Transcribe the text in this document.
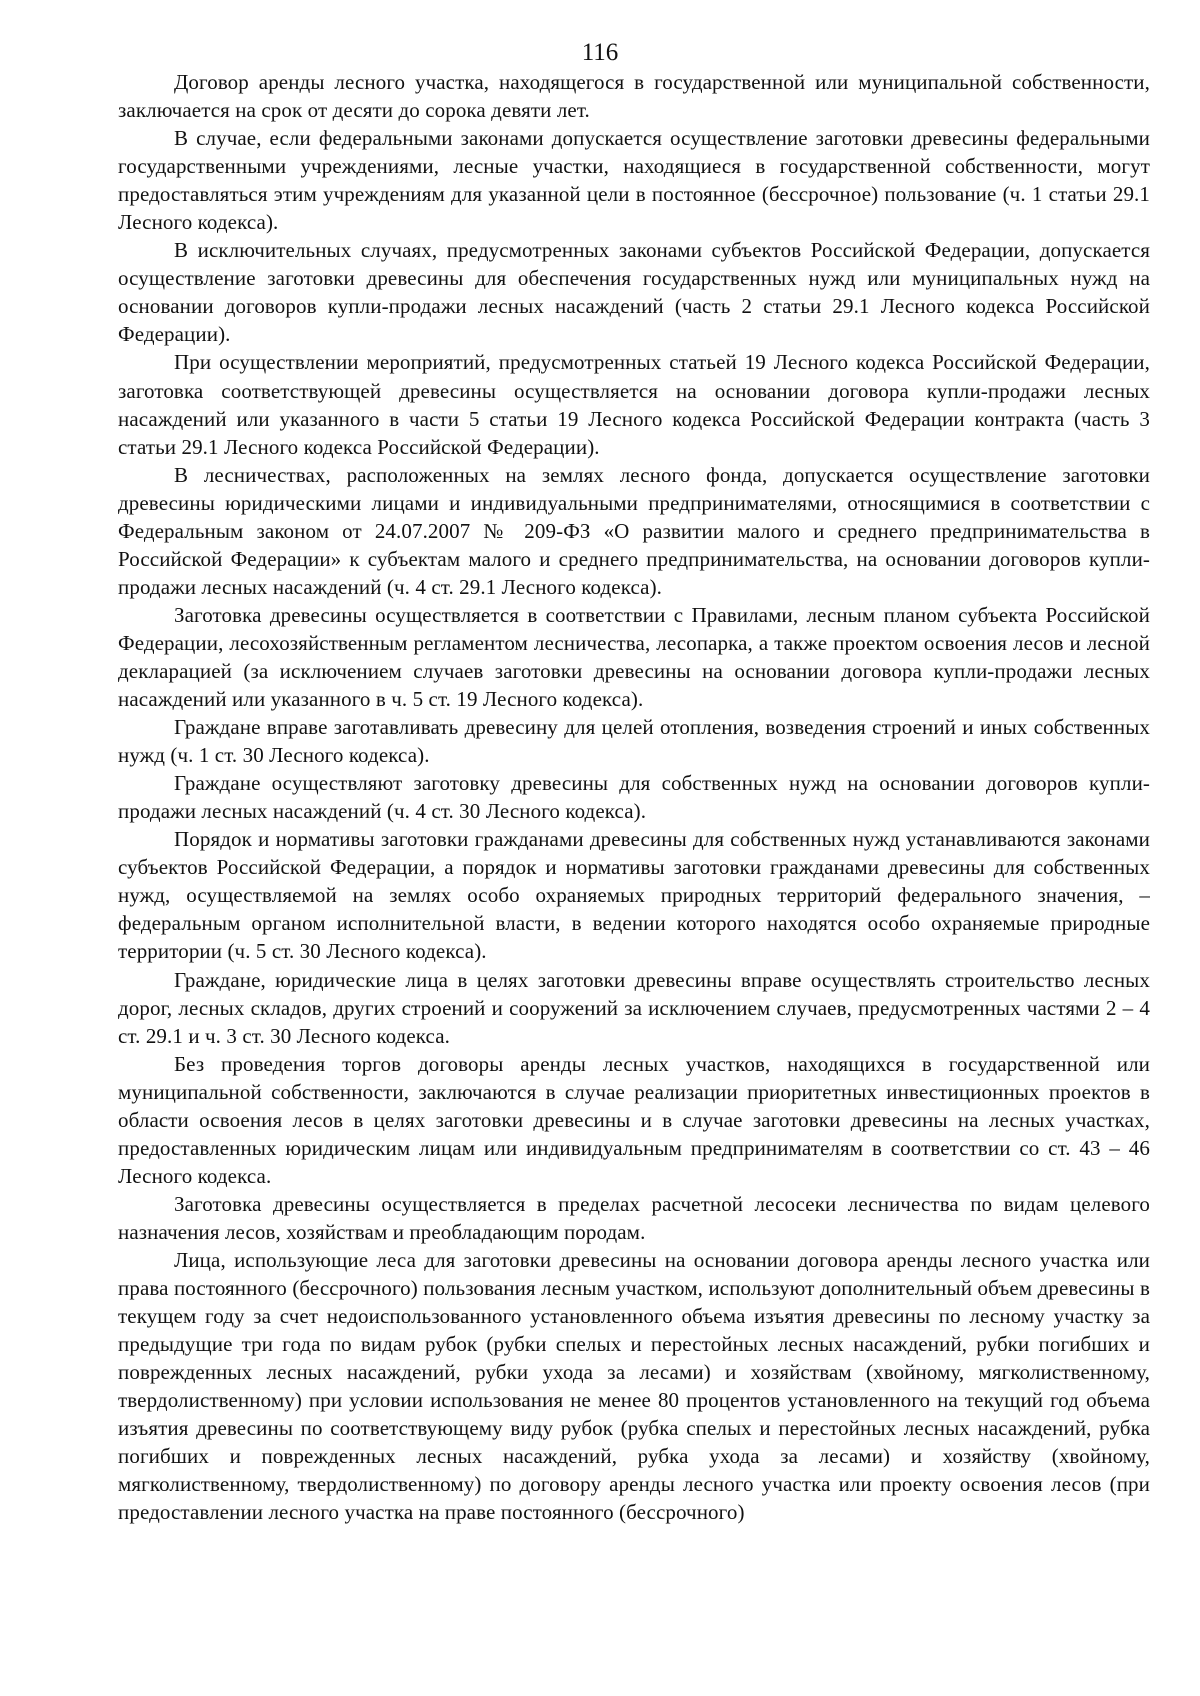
116

Договор аренды лесного участка, находящегося в государственной или муниципальной собственности, заключается на срок от десяти до сорока девяти лет.

В случае, если федеральными законами допускается осуществление заготовки древесины федеральными государственными учреждениями, лесные участки, находящиеся в государственной собственности, могут предоставляться этим учреждениям для указанной цели в постоянное (бессрочное) пользование (ч. 1 статьи 29.1 Лесного кодекса).

В исключительных случаях, предусмотренных законами субъектов Российской Федерации, допускается осуществление заготовки древесины для обеспечения государственных нужд или муниципальных нужд на основании договоров купли-продажи лесных насаждений (часть 2 статьи 29.1 Лесного кодекса Российской Федерации).

При осуществлении мероприятий, предусмотренных статьей 19 Лесного кодекса Российской Федерации, заготовка соответствующей древесины осуществляется на основании договора купли-продажи лесных насаждений или указанного в части 5 статьи 19 Лесного кодекса Российской Федерации контракта (часть 3 статьи 29.1 Лесного кодекса Российской Федерации).

В лесничествах, расположенных на землях лесного фонда, допускается осуществление заготовки древесины юридическими лицами и индивидуальными предпринимателями, относящимися в соответствии с Федеральным законом от 24.07.2007 № 209-ФЗ «О развитии малого и среднего предпринимательства в Российской Федерации» к субъектам малого и среднего предпринимательства, на основании договоров купли-продажи лесных насаждений (ч. 4 ст. 29.1 Лесного кодекса).

Заготовка древесины осуществляется в соответствии с Правилами, лесным планом субъекта Российской Федерации, лесохозяйственным регламентом лесничества, лесопарка, а также проектом освоения лесов и лесной декларацией (за исключением случаев заготовки древесины на основании договора купли-продажи лесных насаждений или указанного в ч. 5 ст. 19 Лесного кодекса).

Граждане вправе заготавливать древесину для целей отопления, возведения строений и иных собственных нужд (ч. 1 ст. 30 Лесного кодекса).

Граждане осуществляют заготовку древесины для собственных нужд на основании договоров купли-продажи лесных насаждений (ч. 4 ст. 30 Лесного кодекса).

Порядок и нормативы заготовки гражданами древесины для собственных нужд устанавливаются законами субъектов Российской Федерации, а порядок и нормативы заготовки гражданами древесины для собственных нужд, осуществляемой на землях особо охраняемых природных территорий федерального значения, – федеральным органом исполнительной власти, в ведении которого находятся особо охраняемые природные территории (ч. 5 ст. 30 Лесного кодекса).

Граждане, юридические лица в целях заготовки древесины вправе осуществлять строительство лесных дорог, лесных складов, других строений и сооружений за исключением случаев, предусмотренных частями 2 – 4 ст. 29.1 и ч. 3 ст. 30 Лесного кодекса.

Без проведения торгов договоры аренды лесных участков, находящихся в государственной или муниципальной собственности, заключаются в случае реализации приоритетных инвестиционных проектов в области освоения лесов в целях заготовки древесины и в случае заготовки древесины на лесных участках, предоставленных юридическим лицам или индивидуальным предпринимателям в соответствии со ст. 43 – 46 Лесного кодекса.

Заготовка древесины осуществляется в пределах расчетной лесосеки лесничества по видам целевого назначения лесов, хозяйствам и преобладающим породам.

Лица, использующие леса для заготовки древесины на основании договора аренды лесного участка или права постоянного (бессрочного) пользования лесным участком, используют дополнительный объем древесины в текущем году за счет недоиспользованного установленного объема изъятия древесины по лесному участку за предыдущие три года по видам рубок (рубки спелых и перестойных лесных насаждений, рубки погибших и поврежденных лесных насаждений, рубки ухода за лесами) и хозяйствам (хвойному, мягколиственному, твердолиственному) при условии использования не менее 80 процентов установленного на текущий год объема изъятия древесины по соответствующему виду рубок (рубка спелых и перестойных лесных насаждений, рубка погибших и поврежденных лесных насаждений, рубка ухода за лесами) и хозяйству (хвойному, мягколиственному, твердолиственному) по договору аренды лесного участка или проекту освоения лесов (при предоставлении лесного участка на праве постоянного (бессрочного)
